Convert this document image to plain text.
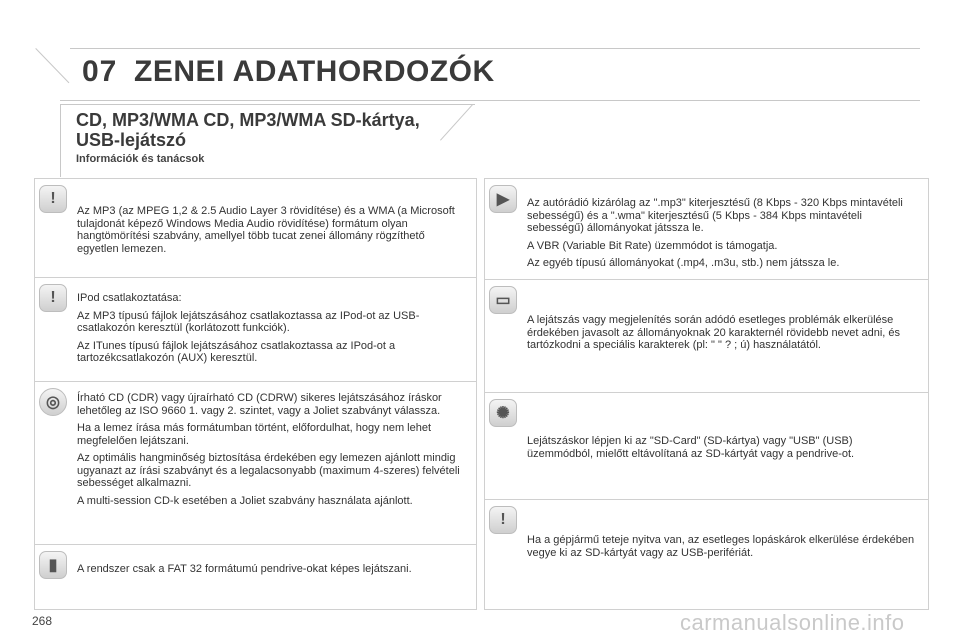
07 ZENEI ADATHORDOZÓK
CD, MP3/WMA CD, MP3/WMA SD-kártya, USB-lejátszó
Információk és tanácsok
!

Az MP3 (az MPEG 1,2 & 2.5 Audio Layer 3 rövidítése) és a WMA (a Microsoft tulajdonát képező Windows Media Audio rövidítése) formátum olyan hangtömörítési szabvány, amellyel több tucat zenei állomány rögzíthető egyetlen lemezen.

!	IPod csatlakoztatása:

Az MP3 típusú fájlok lejátszásához csatlakoztassa az IPod-ot az USB-csatlakozón keresztül (korlátozott funkciók).

Az ITunes típusú fájlok lejátszásához csatlakoztassa az IPod-ot a tartozékcsatlakozón (AUX) keresztül.

◎	Írható CD (CDR) vagy újraírható CD (CDRW) sikeres lejátszásához íráskor lehetőleg az ISO 9660 1. vagy 2. szintet, vagy a Joliet szabványt válassza.

Ha a lemez írása más formátumban történt, előfordulhat, hogy nem lehet megfelelően lejátszani.

Az optimális hangminőség biztosítása érdekében egy lemezen ajánlott mindig ugyanazt az írási szabványt és a legalacsonyabb (maximum 4-szeres) felvételi sebességet alkalmazni.

A multi-session CD-k esetében a Joliet szabvány használata ajánlott.

▮	A rendszer csak a FAT 32 formátumú pendrive-okat képes lejátszani.

▶	Az autórádió kizárólag az ".mp3" kiterjesztésű (8 Kbps - 320 Kbps mintavételi sebességű) és a ".wma" kiterjesztésű (5 Kbps - 384 Kbps mintavételi sebességű) állományokat játssza le.

A VBR (Variable Bit Rate) üzemmódot is támogatja.

Az egyéb típusú állományokat (.mp4, .m3u, stb.) nem játssza le.

▭

A lejátszás vagy megjelenítés során adódó esetleges problémák elkerülése érdekében javasolt az állományoknak 20 karakternél rövidebb nevet adni, és tartózkodni a speciális karakterek (pl: " " ? ; ú) használatától.

✺

Lejátszáskor lépjen ki az "SD-Card" (SD-kártya) vagy "USB" (USB) üzemmódból, mielőtt eltávolítaná az SD-kártyát vagy a pendrive-ot.

!

Ha a gépjármű teteje nyitva van, az esetleges lopáskárok elkerülése érdekében vegye ki az SD-kártyát vagy az USB-perifériát.

268	carmanualsonline.info
